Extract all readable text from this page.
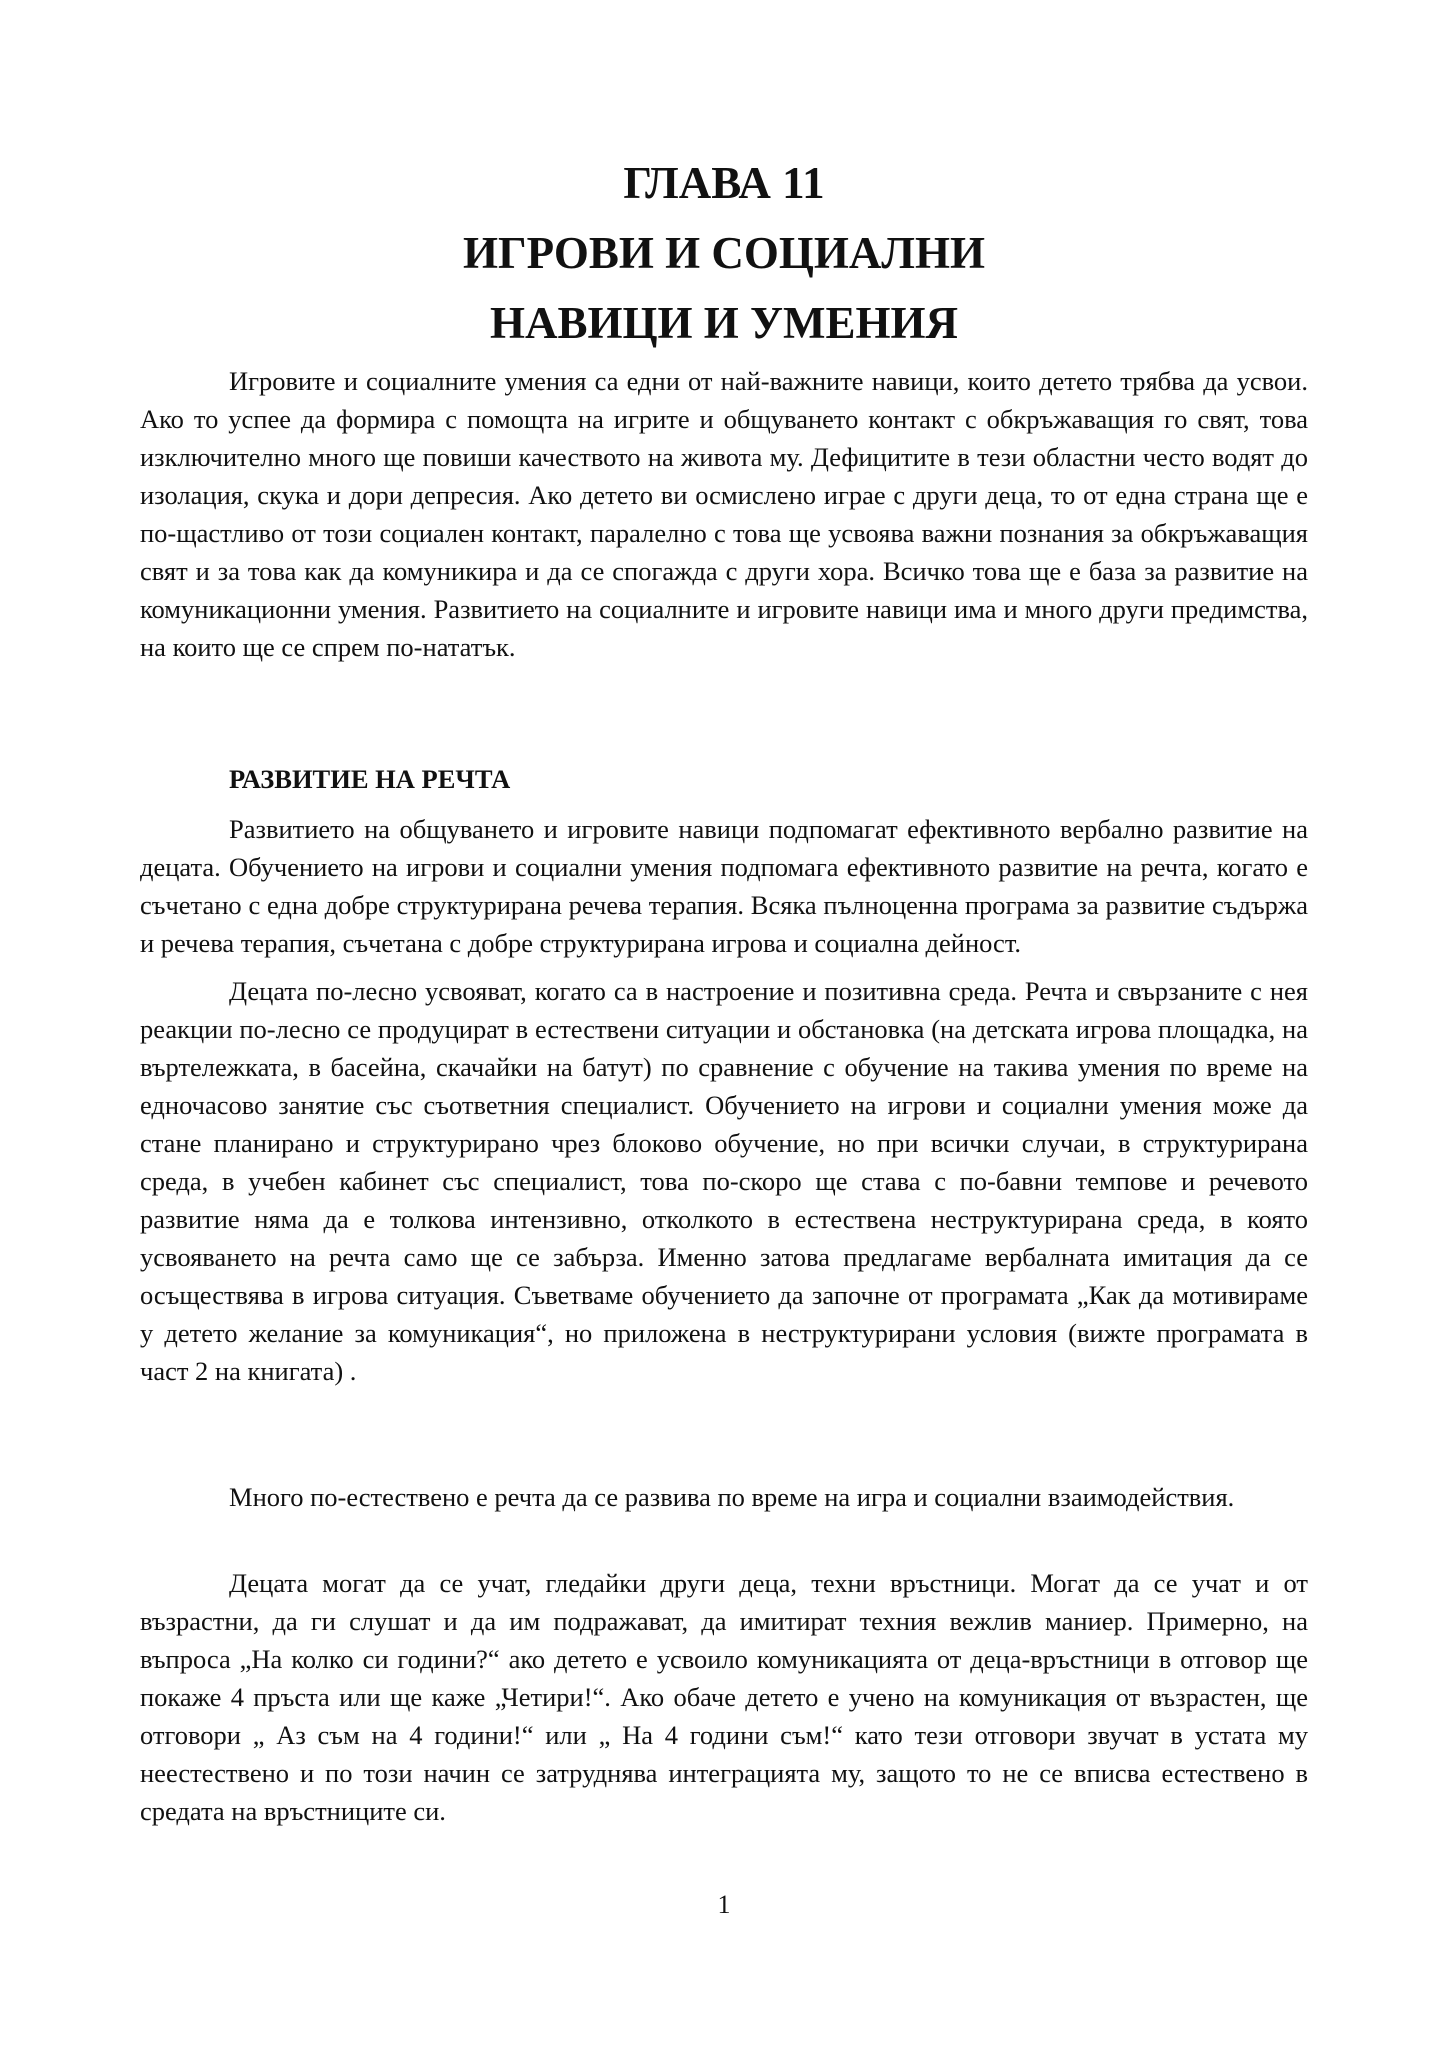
ГЛАВА 11
ИГРОВИ И СОЦИАЛНИ
НАВИЦИ И УМЕНИЯ

Игровите и социалните умения са едни от най-важните навици, които детето трябва да усвои. Ако то успее да формира с помощта на игрите и общуването контакт с обкръжаващия го свят, това изключително много ще повиши качеството на живота му. Дефицитите в тези областни често водят до изолация, скука и дори депресия. Ако детето ви осмислено играе с други деца, то от една страна ще е по-щастливо от този социален контакт, паралелно с това ще усвоява важни познания за обкръжаващия свят и за това как да комуникира и да се спогажда с други хора. Всичко това ще е база за развитие на комуникационни умения. Развитието на социалните и игровите навици има и много други предимства, на които ще се спрем по-нататък.

РАЗВИТИЕ НА РЕЧТА

Развитието на общуването и игровите навици подпомагат ефективното вербално развитие на децата. Обучението на игрови и социални умения подпомага ефективното развитие на речта, когато е съчетано с една добре структурирана речева терапия. Всяка пълноценна програма за развитие съдържа и речева терапия, съчетана с добре структурирана игрова и социална дейност.

Децата по-лесно усвояват, когато са в настроение и позитивна среда. Речта и свързаните с нея реакции по-лесно се продуцират в естествени ситуации и обстановка (на детската игрова площадка, на въртележката, в басейна, скачайки на батут) по сравнение с обучение на такива умения по време на едночасово занятие със съответния специалист. Обучението на игрови и социални умения може да стане планирано и структурирано чрез блоково обучение, но при всички случаи, в структурирана среда, в учебен кабинет със специалист, това по-скоро ще става с по-бавни темпове и речевото развитие няма да е толкова интензивно, отколкото в естествена неструктурирана среда, в която усвояването на речта само ще се забърза. Именно затова предлагаме вербалната имитация да се осъществява в игрова ситуация. Съветваме обучението да започне от програмата „Как да мотивираме у детето желание за комуникация“, но приложена в неструктурирани условия (вижте програмата в част 2 на книгата) .

Много по-естествено е речта да се развива по време на игра и социални взаимодействия.

Децата могат да се учат, гледайки други деца, техни връстници. Могат да се учат и от възрастни, да ги слушат и да им подражават, да имитират техния вежлив маниер. Примерно, на въпроса „На колко си години?“ ако детето е усвоило комуникацията от деца-връстници в отговор ще покаже 4 пръста или ще каже „Четири!“. Ако обаче детето е учено на комуникация от възрастен, ще отговори „ Аз съм на 4 години!“ или „ На 4 години съм!“ като тези отговори звучат в устата му неестествено и по този начин се затруднява интеграцията му, защото то не се вписва естествено в средата на връстниците си.

1
